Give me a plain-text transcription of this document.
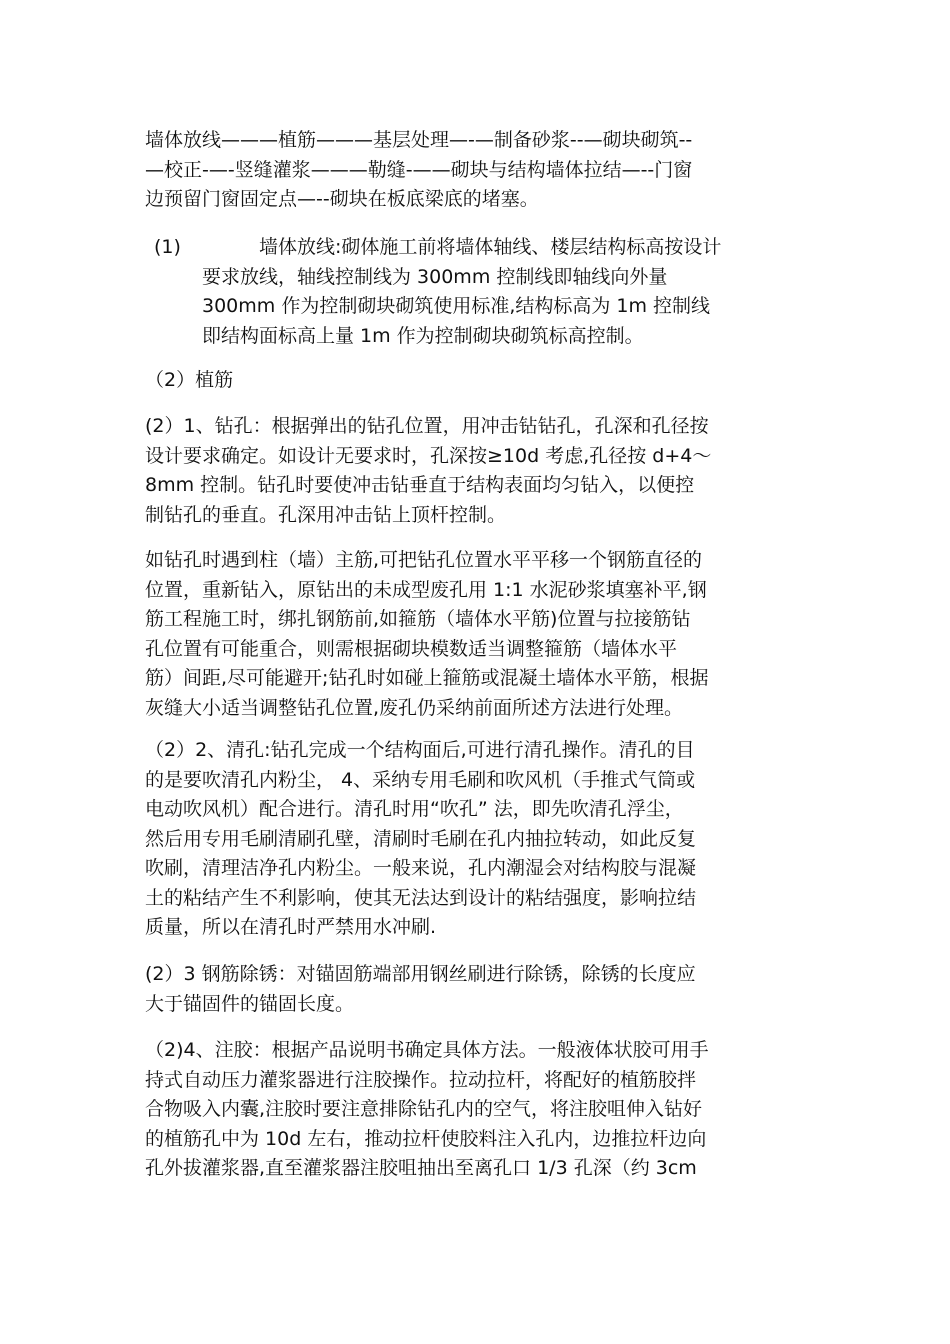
墙体放线———植筋———基层处理—-—制备砂浆--—砌块砌筑--
—校正-—-竖缝灌浆———勒缝-——砌块与结构墙体拉结—--门窗
边预留门窗固定点—--砌块在板底梁底的堵塞。
(1)	墙体放线:砌体施工前将墙体轴线、楼层结构标高按设计
要求放线，轴线控制线为 300mm 控制线即轴线向外量
300mm 作为控制砌块砌筑使用标准,结构标高为 1m 控制线
即结构面标高上量 1m 作为控制砌块砌筑标高控制。
（2）植筋
(2）1、钻孔：根据弹出的钻孔位置，用冲击钻钻孔，孔深和孔径按
设计要求确定。如设计无要求时，孔深按≥10d 考虑,孔径按 d+4～
8mm 控制。钻孔时要使冲击钻垂直于结构表面均匀钻入，以便控
制钻孔的垂直。孔深用冲击钻上顶杆控制。
如钻孔时遇到柱（墙）主筋,可把钻孔位置水平平移一个钢筋直径的
位置，重新钻入，原钻出的未成型废孔用 1:1 水泥砂浆填塞补平,钢
筋工程施工时，绑扎钢筋前,如箍筋（墙体水平筋)位置与拉接筋钻
孔位置有可能重合，则需根据砌块模数适当调整箍筋（墙体水平
筋）间距,尽可能避开;钻孔时如碰上箍筋或混凝土墙体水平筋，根据
灰缝大小适当调整钻孔位置,废孔仍采纳前面所述方法进行处理。
（2）2、清孔:钻孔完成一个结构面后,可进行清孔操作。清孔的目
的是要吹清孔内粉尘， 4、采纳专用毛刷和吹风机（手推式气筒或
电动吹风机）配合进行。清孔时用“吹孔” 法，即先吹清孔浮尘，
然后用专用毛刷清刷孔壁，清刷时毛刷在孔内抽拉转动，如此反复
吹刷，清理洁净孔内粉尘。一般来说，孔内潮湿会对结构胶与混凝
土的粘结产生不利影响，使其无法达到设计的粘结强度，影响拉结
质量，所以在清孔时严禁用水冲刷.
(2）3 钢筋除锈：对锚固筋端部用钢丝刷进行除锈，除锈的长度应
大于锚固件的锚固长度。
（2)4、注胶：根据产品说明书确定具体方法。一般液体状胶可用手
持式自动压力灌浆器进行注胶操作。拉动拉杆，将配好的植筋胶拌
合物吸入内囊,注胶时要注意排除钻孔内的空气，将注胶咀伸入钻好
的植筋孔中为 10d 左右，推动拉杆使胶料注入孔内，边推拉杆边向
孔外拔灌浆器,直至灌浆器注胶咀抽出至离孔口 1/3 孔深（约 3cm
